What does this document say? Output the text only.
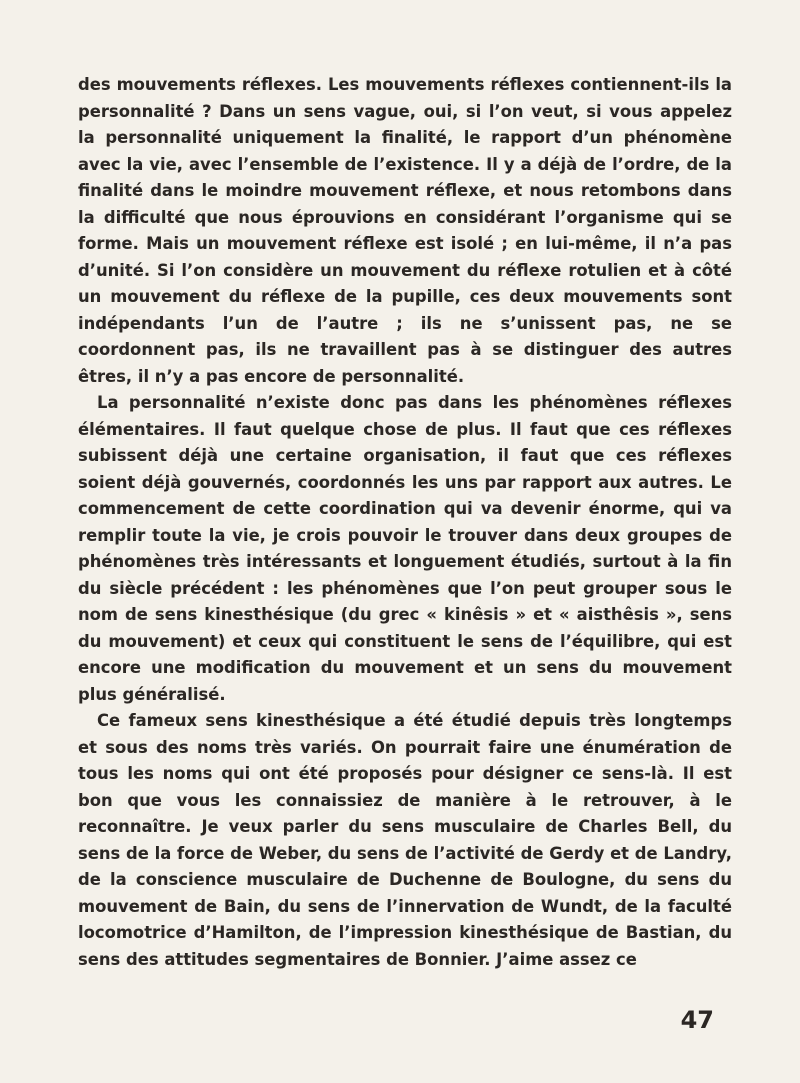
des mouvements réflexes. Les mouvements réflexes contiennent-ils la personnalité ? Dans un sens vague, oui, si l’on veut, si vous appelez la personnalité uniquement la finalité, le rapport d’un phénomène avec la vie, avec l’ensemble de l’existence. Il y a déjà de l’ordre, de la finalité dans le moindre mouvement réflexe, et nous retombons dans la difficulté que nous éprouvions en considérant l’organisme qui se forme. Mais un mouvement réflexe est isolé ; en lui-même, il n’a pas d’unité. Si l’on considère un mouvement du réflexe rotulien et à côté un mouvement du réflexe de la pupille, ces deux mouvements sont indépendants l’un de l’autre ; ils ne s’unissent pas, ne se coordonnent pas, ils ne travaillent pas à se distinguer des autres êtres, il n’y a pas encore de personnalité.

La personnalité n’existe donc pas dans les phénomènes réflexes élémentaires. Il faut quelque chose de plus. Il faut que ces réflexes subissent déjà une certaine organisation, il faut que ces réflexes soient déjà gouvernés, coordonnés les uns par rapport aux autres. Le commencement de cette coordination qui va devenir énorme, qui va remplir toute la vie, je crois pouvoir le trouver dans deux groupes de phénomènes très intéressants et longuement étudiés, surtout à la fin du siècle précédent : les phénomènes que l’on peut grouper sous le nom de sens kinesthésique (du grec « kinêsis » et « aisthêsis », sens du mouvement) et ceux qui constituent le sens de l’équilibre, qui est encore une modification du mouvement et un sens du mouvement plus généralisé.

Ce fameux sens kinesthésique a été étudié depuis très longtemps et sous des noms très variés. On pourrait faire une énumération de tous les noms qui ont été proposés pour désigner ce sens-là. Il est bon que vous les connaissiez de manière à le retrouver, à le reconnaître. Je veux parler du sens musculaire de Charles Bell, du sens de la force de Weber, du sens de l’activité de Gerdy et de Landry, de la conscience musculaire de Duchenne de Boulogne, du sens du mouvement de Bain, du sens de l’innervation de Wundt, de la faculté locomotrice d’Hamilton, de l’impression kinesthésique de Bastian, du sens des attitudes segmentaires de Bonnier. J’aime assez ce

47
